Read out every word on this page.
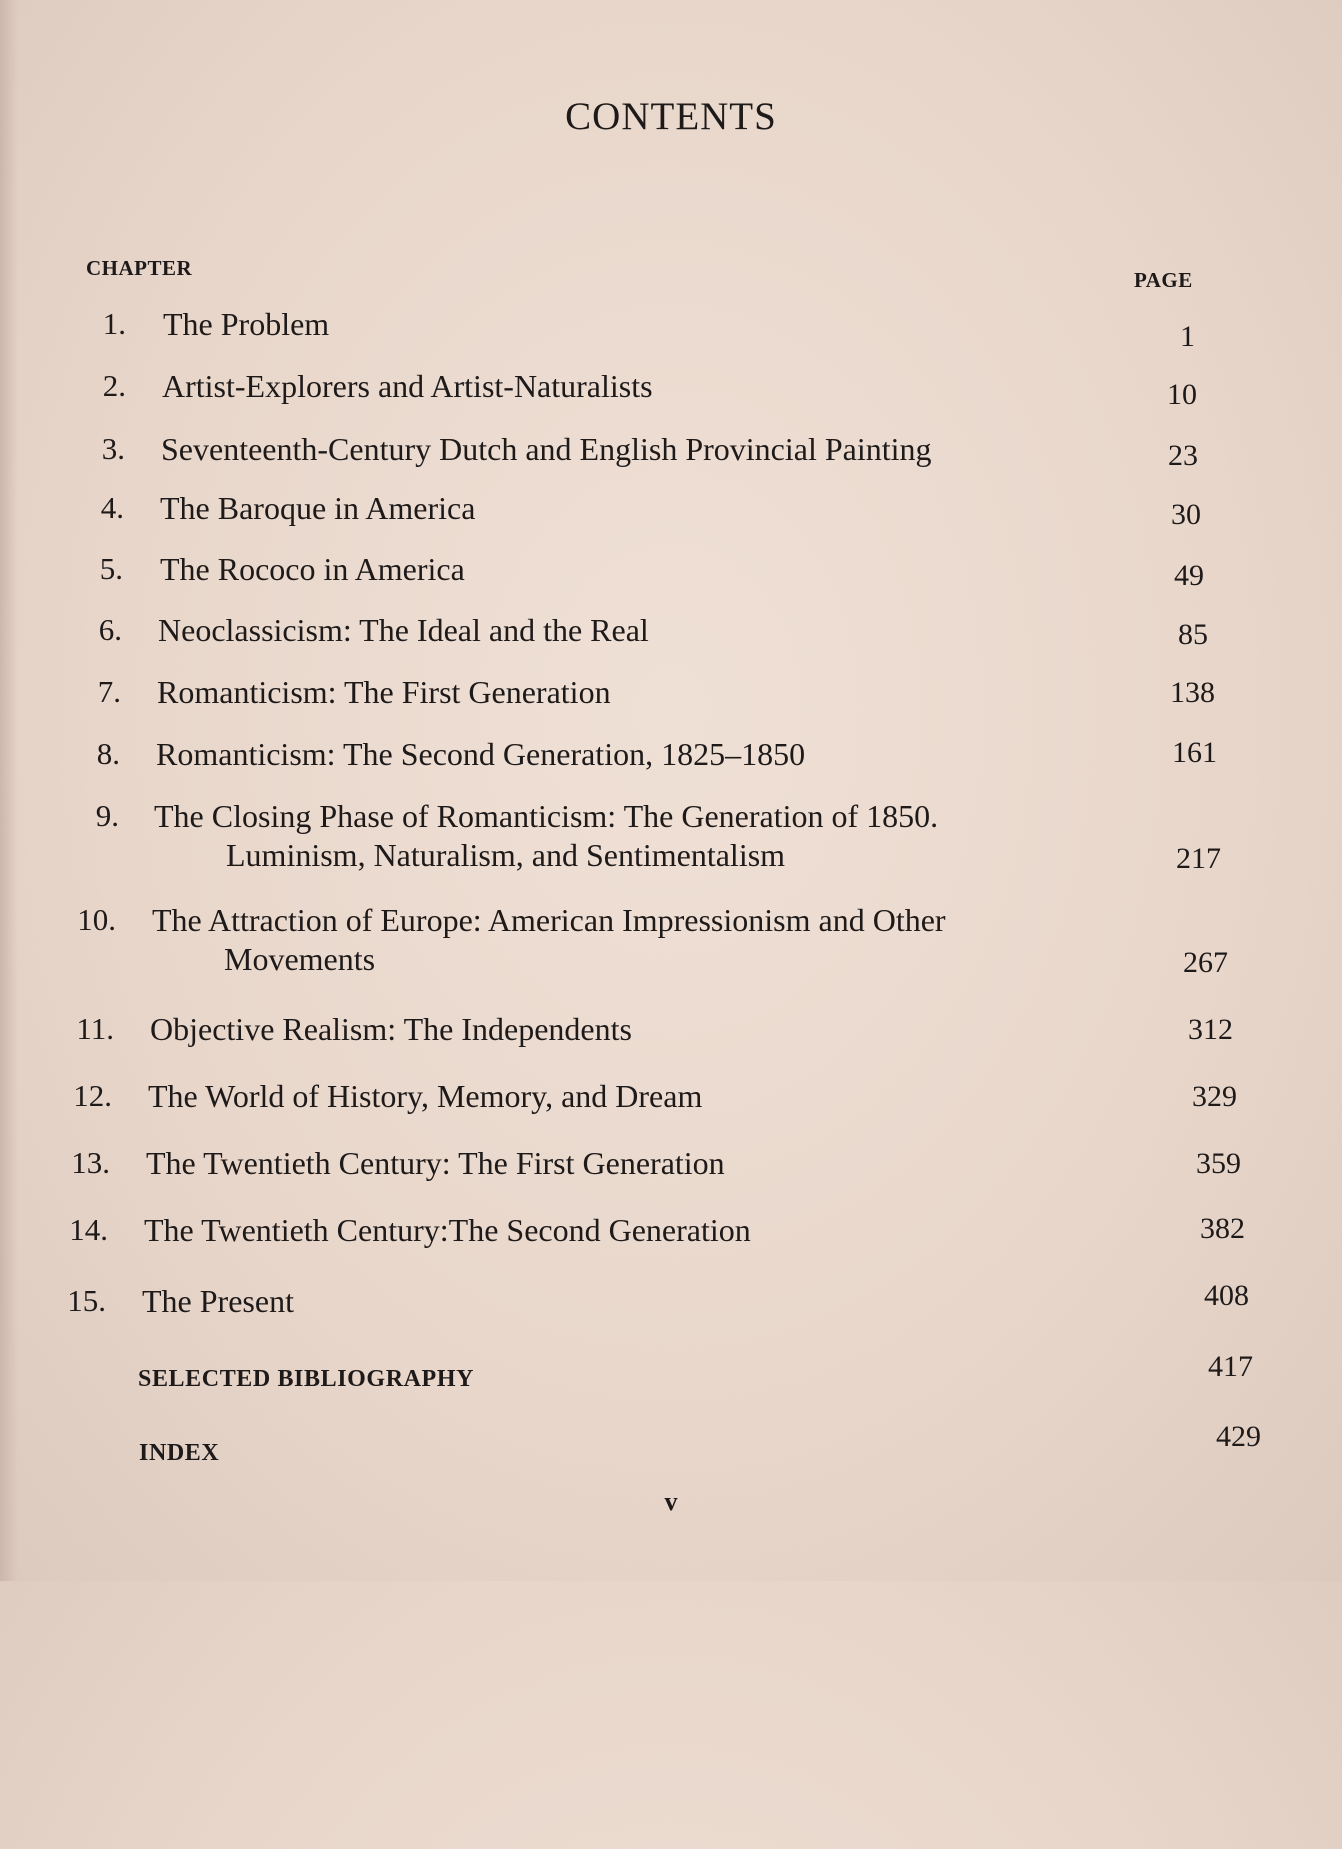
CONTENTS
CHAPTER	PAGE
1. The Problem	1
2. Artist-Explorers and Artist-Naturalists	10
3. Seventeenth-Century Dutch and English Provincial Painting	23
4. The Baroque in America	30
5. The Rococo in America	49
6. Neoclassicism: The Ideal and the Real	85
7. Romanticism: The First Generation	138
8. Romanticism: The Second Generation, 1825–1850	161
9. The Closing Phase of Romanticism: The Generation of 1850.
Luminism, Naturalism, and Sentimentalism	217
10. The Attraction of Europe: American Impressionism and Other
Movements	267
11. Objective Realism: The Independents	312
12. The World of History, Memory, and Dream	329
13. The Twentieth Century: The First Generation	359
14. The Twentieth Century:The Second Generation	382
15. The Present	408
SELECTED BIBLIOGRAPHY	417
INDEX	429
v
